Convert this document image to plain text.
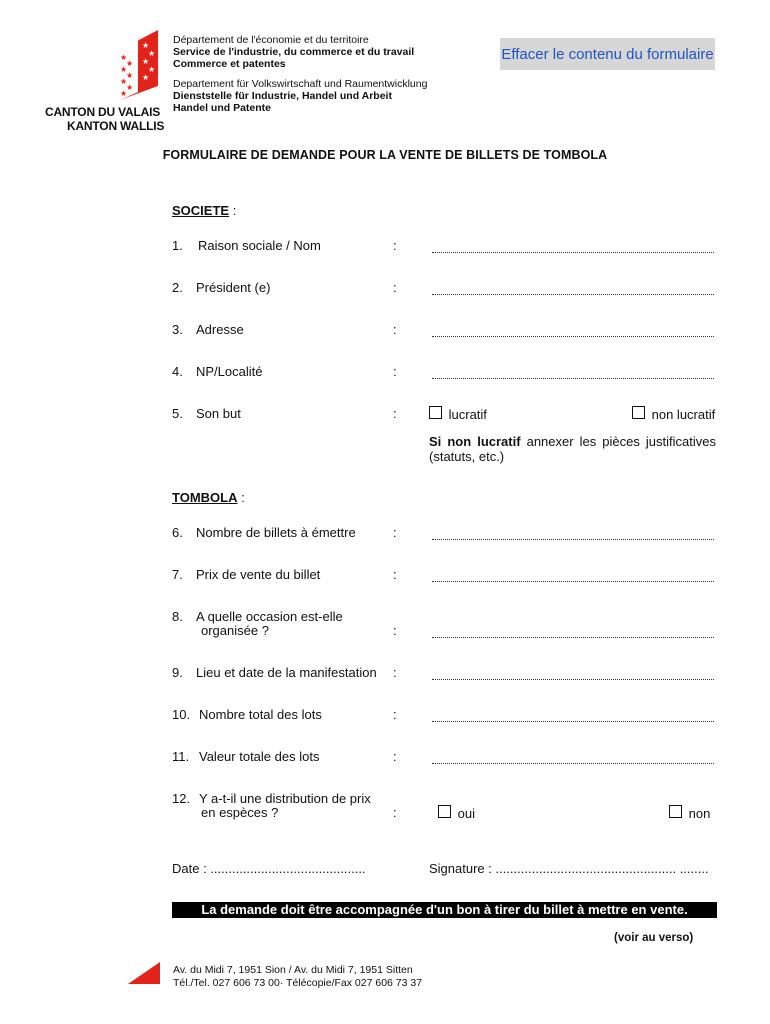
★
★
★
★
★
★
★
★
★
★
★
★
CANTON DU VALAIS
KANTON WALLIS
Département de l'économie et du territoire
Service de l'industrie, du commerce et du travail
Commerce et patentes
Departement für Volkswirtschaft und Raumentwicklung
Dienststelle für Industrie, Handel und Arbeit
Handel und Patente
Effacer le contenu du formulaire
FORMULAIRE DE DEMANDE POUR LA VENTE DE BILLETS DE TOMBOLA
SOCIETE :
1. Raison sociale / Nom	:
2. Président (e)	:
3. Adresse	:
4. NP/Localité	:
5. Son but	:	lucratif	non lucratif
Si non lucratif annexer les pièces justificatives (statuts, etc.)
TOMBOLA :
6. Nombre de billets à émettre	:
7. Prix de vente du billet	:
8. A quelle occasion est-elle
organisée ?	:
9. Lieu et date de la manifestation :
10. Nombre total des lots	:
11. Valeur totale des lots	:
12. Y a-t-il une distribution de prix
en espèces ?	:	oui	non
Date : ...........................................	Signature : .................................................. ........
La demande doit être accompagnée d'un bon à tirer du billet à mettre en vente.
(voir au verso)
Av. du Midi 7, 1951 Sion / Av. du Midi 7, 1951 Sitten
Tél./Tel. 027 606 73 00· Télécopie/Fax 027 606 73 37
